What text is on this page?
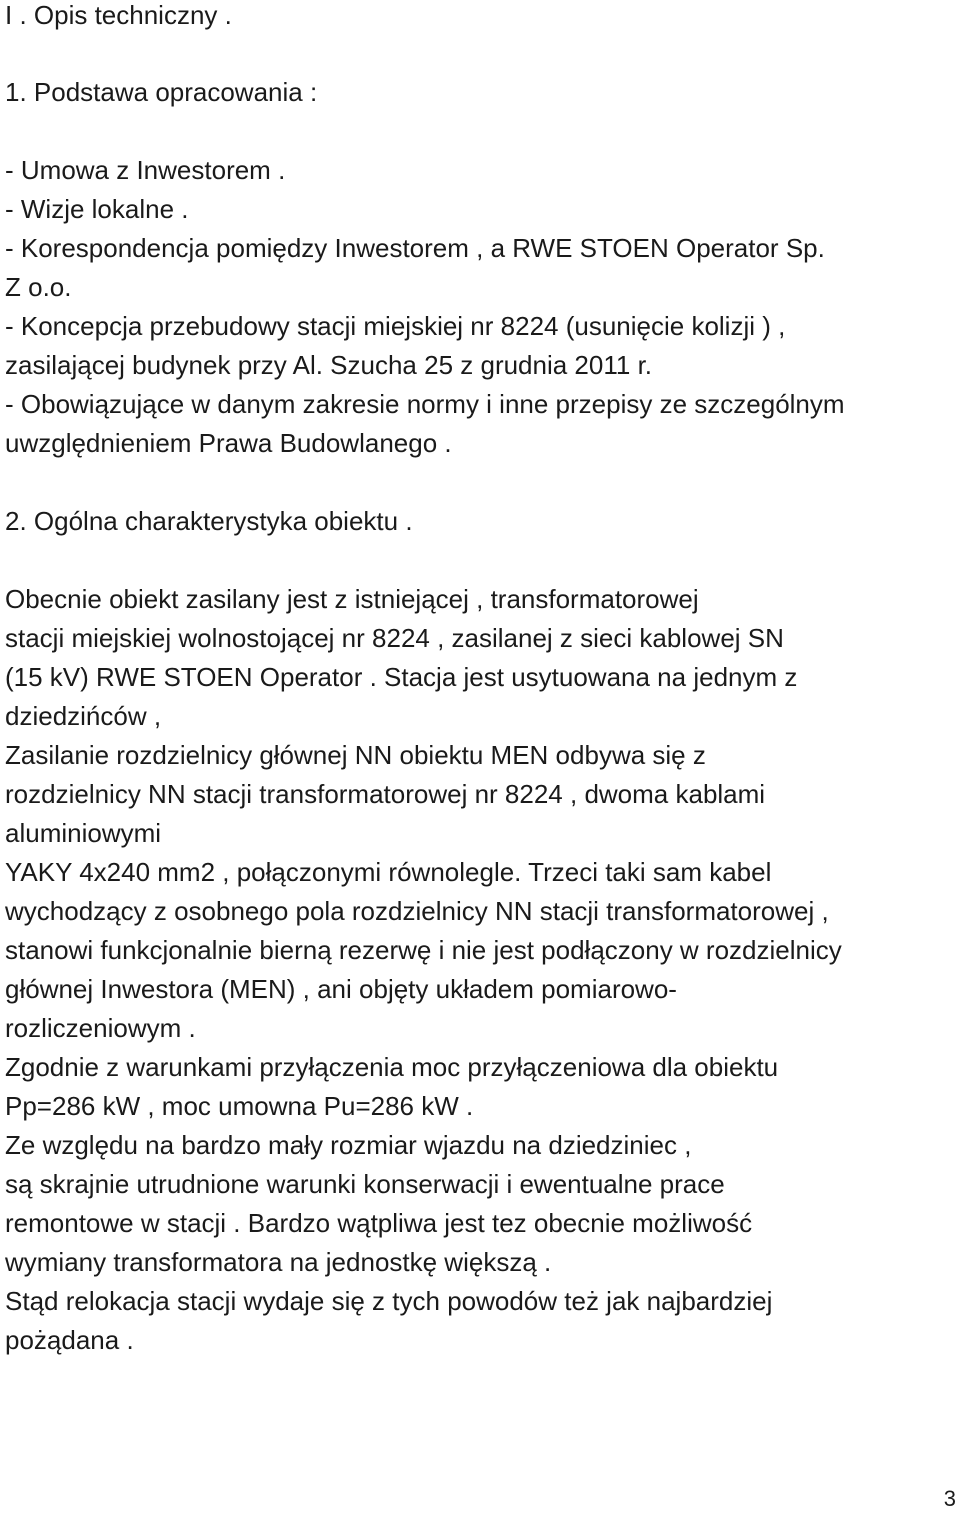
I . Opis techniczny .
1. Podstawa opracowania :
- Umowa z Inwestorem .
- Wizje lokalne .
- Korespondencja pomiędzy Inwestorem , a RWE STOEN Operator Sp.
Z o.o.
- Koncepcja przebudowy stacji miejskiej nr 8224 (usunięcie kolizji ) ,
zasilającej budynek przy Al. Szucha 25 z grudnia 2011 r.
- Obowiązujące w danym zakresie normy i inne przepisy ze szczególnym
uwzględnieniem Prawa Budowlanego .
2. Ogólna charakterystyka obiektu .
Obecnie obiekt zasilany jest z istniejącej , transformatorowej
stacji miejskiej wolnostojącej nr 8224 , zasilanej z sieci kablowej SN
(15 kV) RWE STOEN Operator . Stacja jest usytuowana na jednym z
dziedzińców ,
Zasilanie rozdzielnicy głównej NN obiektu MEN odbywa się z
rozdzielnicy NN stacji transformatorowej nr 8224 , dwoma kablami
aluminiowymi
YAKY 4x240 mm2 , połączonymi równolegle. Trzeci taki sam kabel
wychodzący z osobnego pola rozdzielnicy NN stacji transformatorowej ,
stanowi funkcjonalnie bierną rezerwę i nie jest podłączony w rozdzielnicy
głównej Inwestora (MEN) , ani objęty układem pomiarowo-
rozliczeniowym .
Zgodnie z warunkami przyłączenia moc przyłączeniowa dla obiektu
Pp=286 kW , moc umowna Pu=286 kW .
Ze względu na bardzo mały rozmiar wjazdu na dziedziniec ,
są skrajnie utrudnione warunki konserwacji i ewentualne prace
remontowe w stacji . Bardzo wątpliwa jest tez obecnie możliwość
wymiany transformatora na jednostkę większą .
Stąd relokacja stacji wydaje się z tych powodów też jak najbardziej
pożądana .
3
